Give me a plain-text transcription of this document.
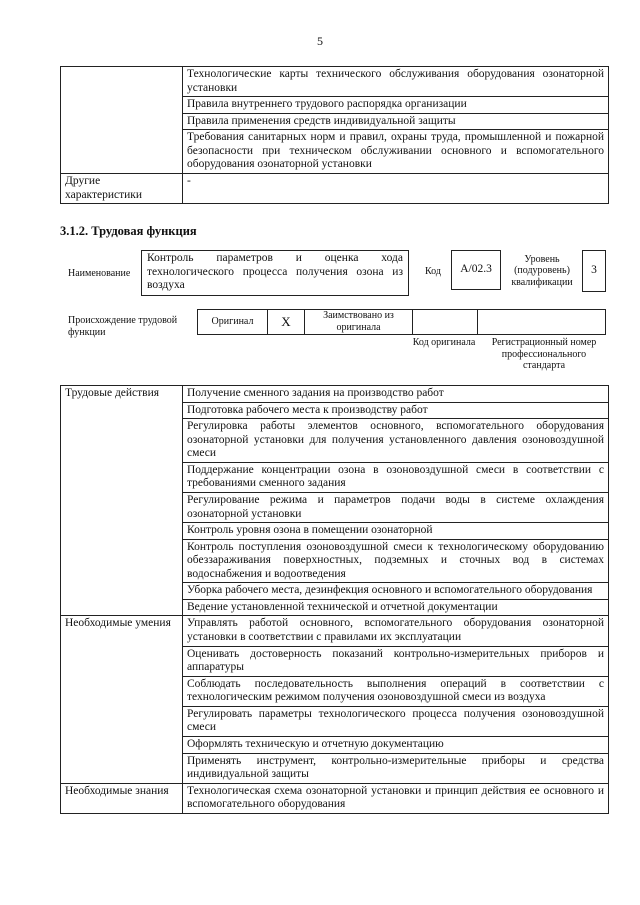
5
	Технологические карты технического обслуживания оборудования озонаторной установки
	Правила внутреннего трудового распорядка организации
	Правила применения средств индивидуальной защиты
	Требования санитарных норм и правил, охраны труда, промышленной и пожарной безопасности при техническом обслуживании основного и вспомогательного оборудования озонаторной установки
Другие характеристики	-
3.1.2. Трудовая функция
Наименование
Контроль параметров и оценка хода технологического процесса получения озона из воздуха
Код	А/02.3
Уровень (подуровень) квалификации
3
Происхождение трудовой функции
Оригинал	X	Заимствовано из оригинала		
Код оригинала	Регистрационный номер профессионального стандарта
Трудовые действия	Получение сменного задания на производство работ
	Подготовка рабочего места к производству работ
	Регулировка работы элементов основного, вспомогательного оборудования озонаторной установки для получения установленного давления озоновоздушной смеси
	Поддержание концентрации озона в озоновоздушной смеси в соответствии с требованиями сменного задания
	Регулирование режима и параметров подачи воды в системе охлаждения озонаторной установки
	Контроль уровня озона в помещении озонаторной
	Контроль поступления озоновоздушной смеси к технологическому оборудованию обеззараживания поверхностных, подземных и сточных вод в системах водоснабжения и водоотведения
	Уборка рабочего места, дезинфекция основного и вспомогательного оборудования
	Ведение установленной технической и отчетной документации
Необходимые умения	Управлять работой основного, вспомогательного оборудования озонаторной установки в соответствии с правилами их эксплуатации
	Оценивать достоверность показаний контрольно-измерительных приборов и аппаратуры
	Соблюдать последовательность выполнения операций в соответствии с технологическим режимом получения озоновоздушной смеси из воздуха
	Регулировать параметры технологического процесса получения озоновоздушной смеси
	Оформлять техническую и отчетную документацию
	Применять инструмент, контрольно-измерительные приборы и средства индивидуальной защиты
Необходимые знания	Технологическая схема озонаторной установки и принцип действия ее основного и вспомогательного оборудования
